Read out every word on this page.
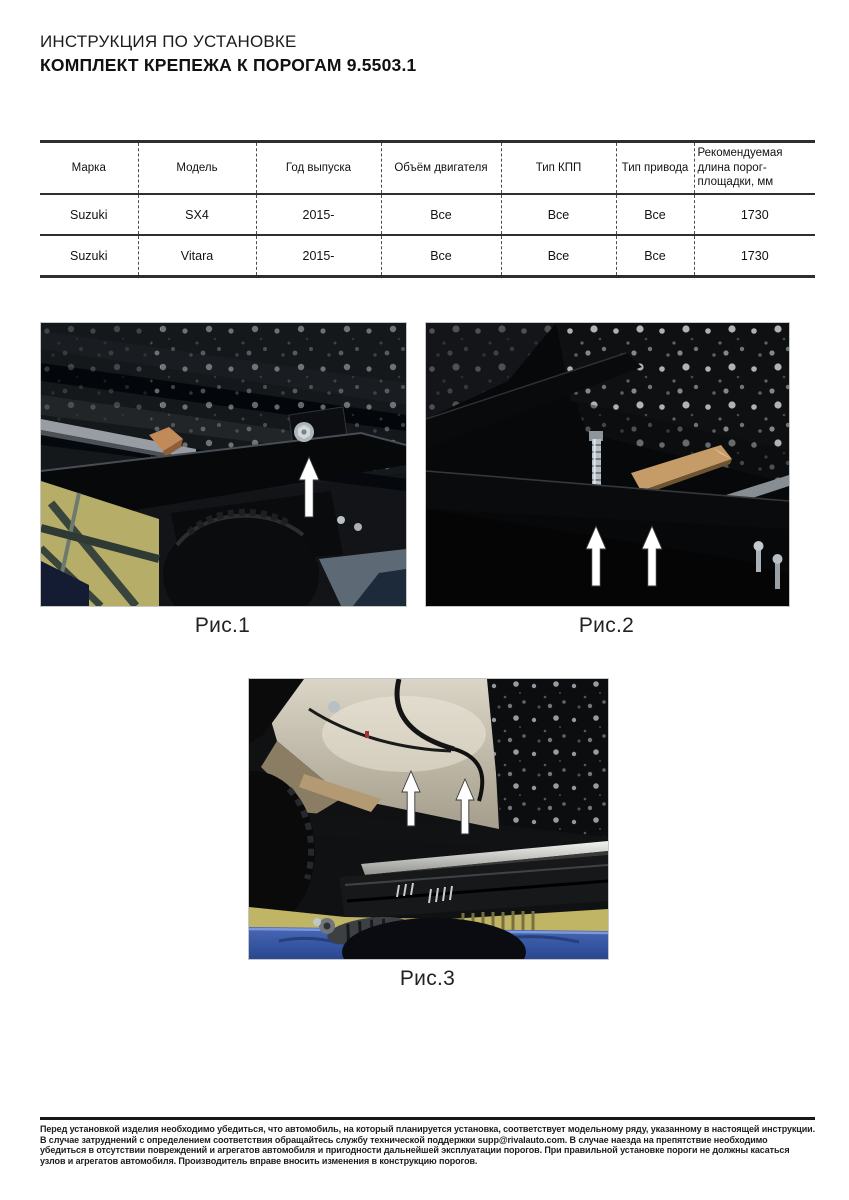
ИНСТРУКЦИЯ ПО УСТАНОВКЕ
КОМПЛЕКТ КРЕПЕЖА К ПОРОГАМ 9.5503.1
Марка	Модель	Год выпуска	Объём двигателя	Тип КПП	Тип привода	Рекомендуемая длина порог-площадки, мм
Suzuki	SX4	2015-	Все	Все	Все	1730
Suzuki	Vitara	2015-	Все	Все	Все	1730
Рис.1	Рис.2
Рис.3

Перед установкой изделия необходимо убедиться, что автомобиль, на который планируется установка, соответствует модельному ряду, указанному в настоящей инструкции. В случае затруднений с определением соответствия обращайтесь службу технической поддержки supp@rivalauto.com. В случае наезда на препятствие необходимо убедиться в отсутствии повреждений и агрегатов автомобиля и пригодности дальнейшей эксплуатации порогов. При правильной установке пороги не должны касаться узлов и агрегатов автомобиля. Производитель вправе вносить изменения в конструкцию порогов.
